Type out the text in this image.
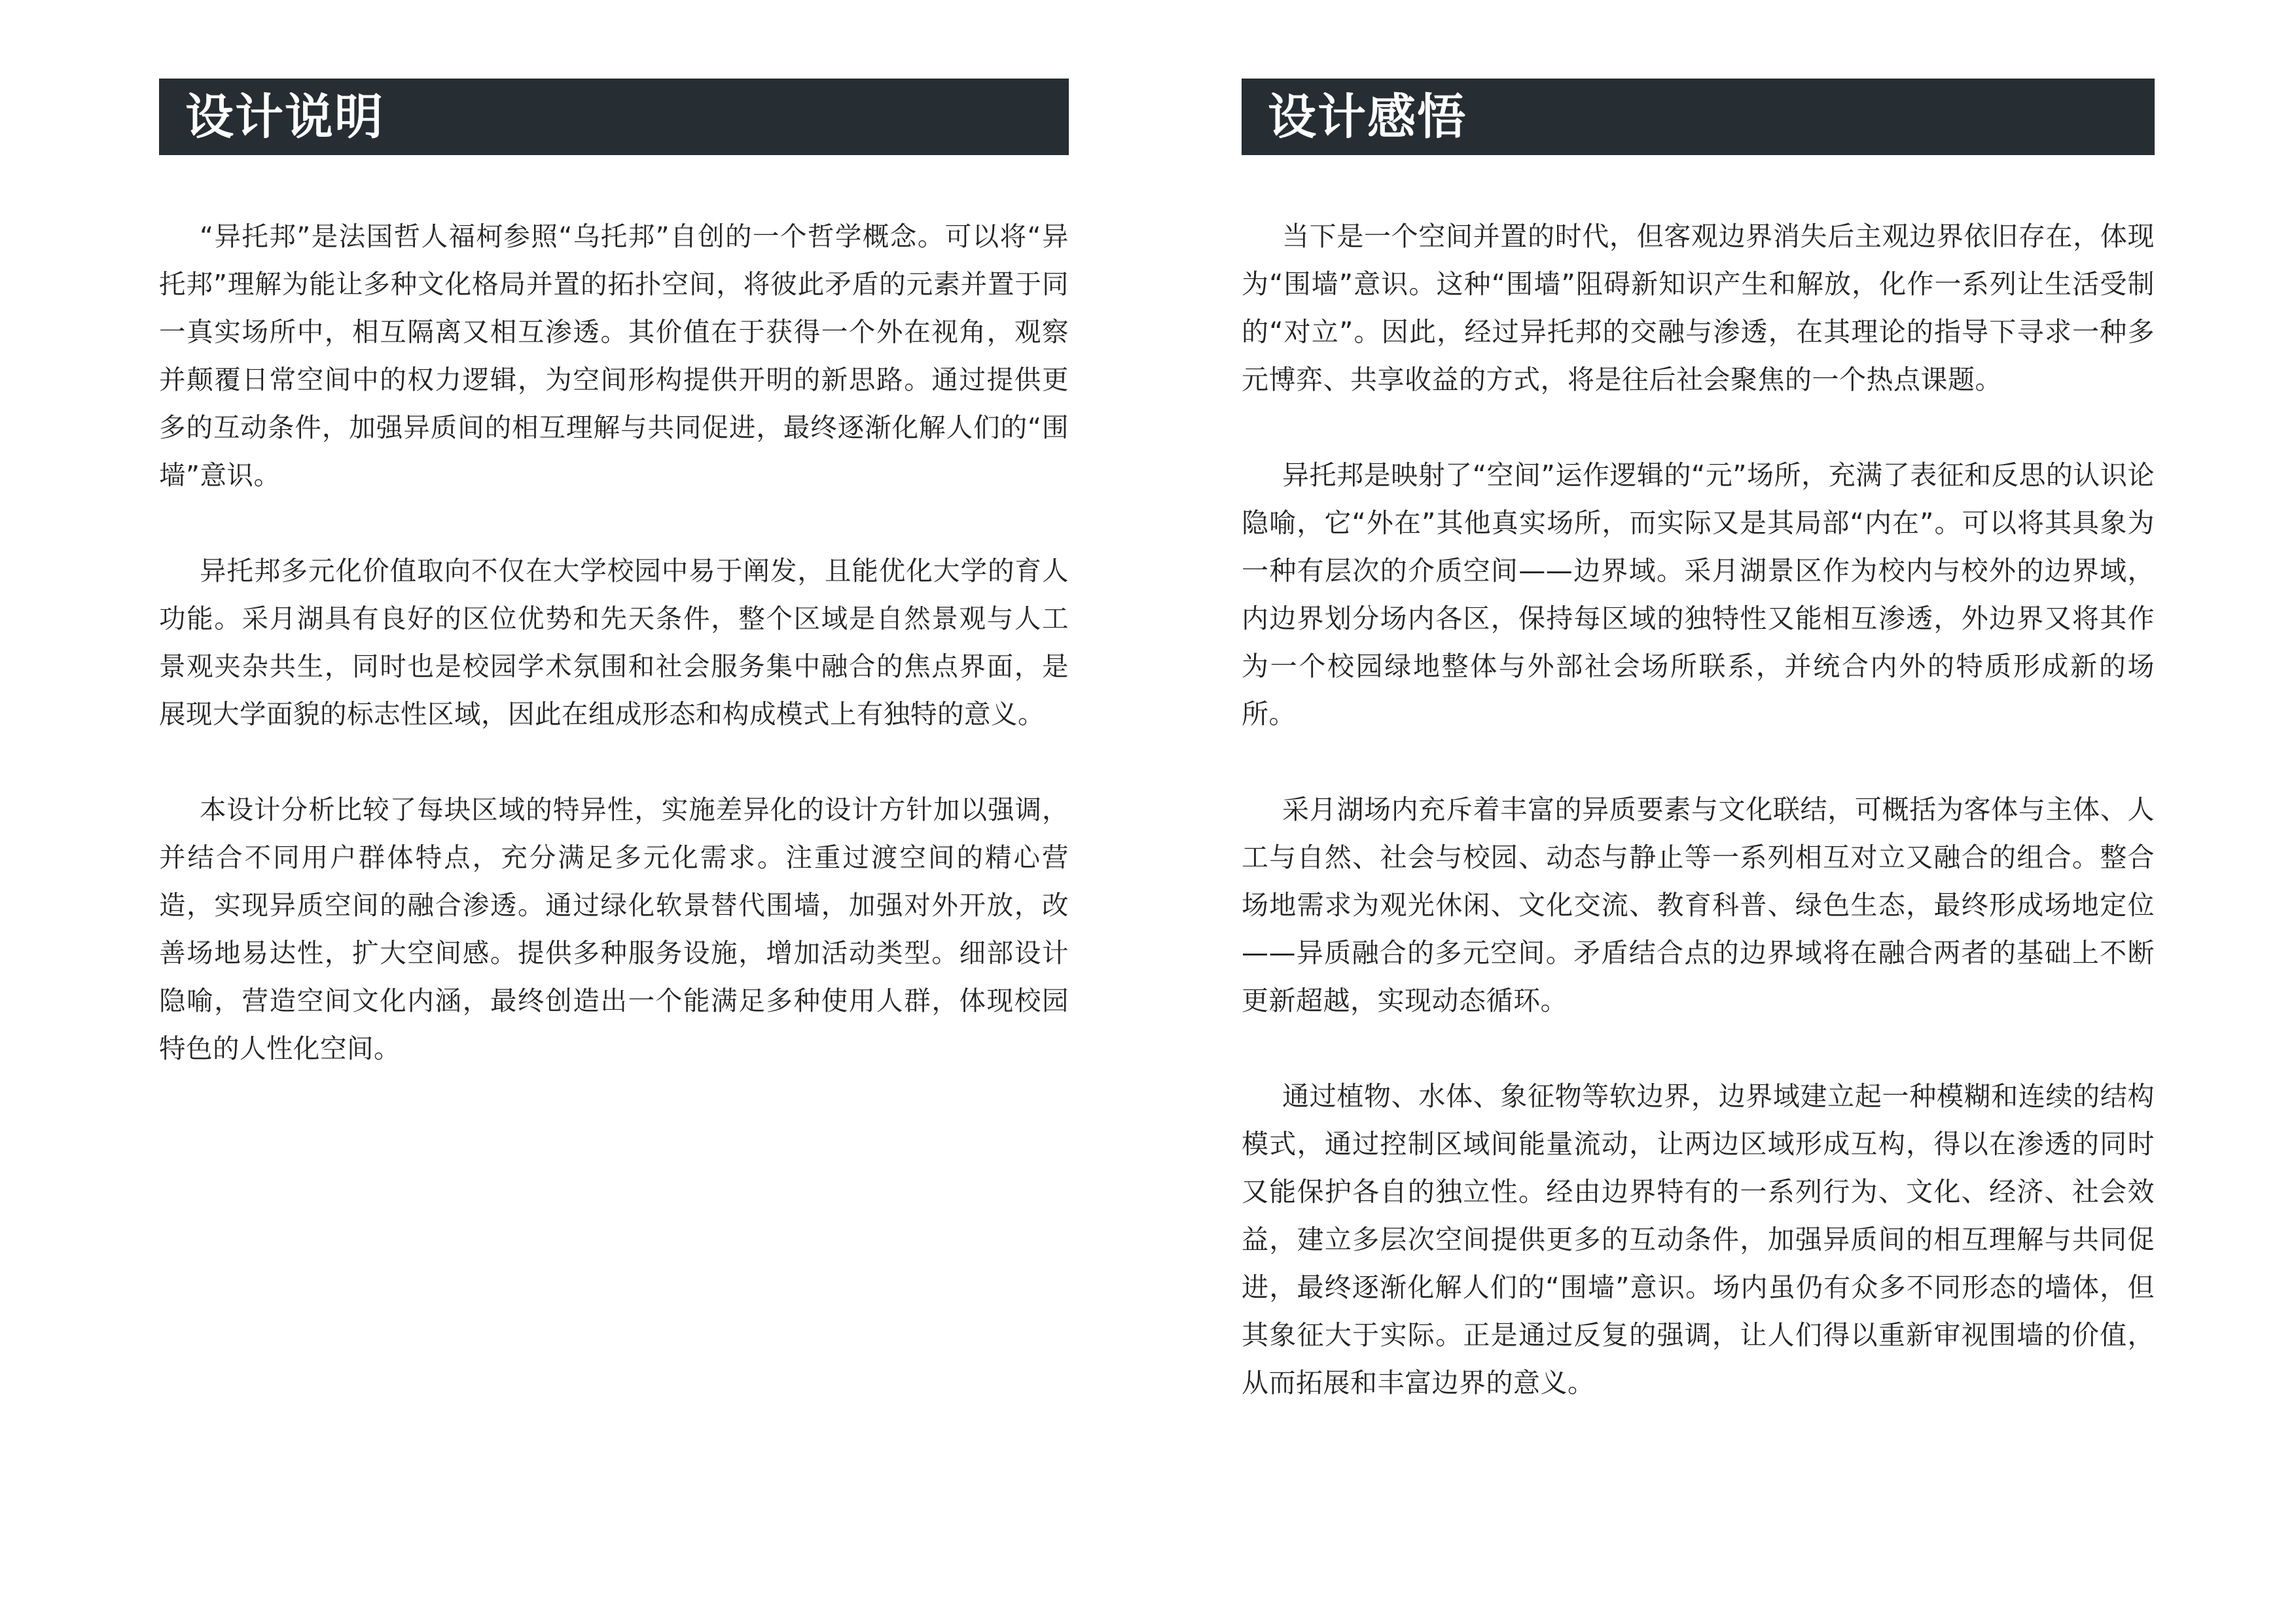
设计说明

“异托邦”是法国哲人福柯参照“乌托邦”自创的一个哲学概念。可以将“异托邦”理解为能让多种文化格局并置的拓扑空间，将彼此矛盾的元素并置于同一真实场所中，相互隔离又相互渗透。其价值在于获得一个外在视角，观察并颠覆日常空间中的权力逻辑，为空间形构提供开明的新思路。通过提供更多的互动条件，加强异质间的相互理解与共同促进，最终逐渐化解人们的“围墙”意识。

异托邦多元化价值取向不仅在大学校园中易于阐发，且能优化大学的育人功能。采月湖具有良好的区位优势和先天条件，整个区域是自然景观与人工景观夹杂共生，同时也是校园学术氛围和社会服务集中融合的焦点界面，是展现大学面貌的标志性区域，因此在组成形态和构成模式上有独特的意义。

本设计分析比较了每块区域的特异性，实施差异化的设计方针加以强调，并结合不同用户群体特点，充分满足多元化需求。注重过渡空间的精心营造，实现异质空间的融合渗透。通过绿化软景替代围墙，加强对外开放，改善场地易达性，扩大空间感。提供多种服务设施，增加活动类型。细部设计隐喻，营造空间文化内涵，最终创造出一个能满足多种使用人群，体现校园特色的人性化空间。

设计感悟

当下是一个空间并置的时代，但客观边界消失后主观边界依旧存在，体现为“围墙”意识。这种“围墙”阻碍新知识产生和解放，化作一系列让生活受制的“对立”。因此，经过异托邦的交融与渗透，在其理论的指导下寻求一种多元博弈、共享收益的方式，将是往后社会聚焦的一个热点课题。

异托邦是映射了“空间”运作逻辑的“元”场所，充满了表征和反思的认识论隐喻，它“外在”其他真实场所，而实际又是其局部“内在”。可以将其具象为一种有层次的介质空间——边界域。采月湖景区作为校内与校外的边界域，内边界划分场内各区，保持每区域的独特性又能相互渗透，外边界又将其作为一个校园绿地整体与外部社会场所联系，并统合内外的特质形成新的场所。

采月湖场内充斥着丰富的异质要素与文化联结，可概括为客体与主体、人工与自然、社会与校园、动态与静止等一系列相互对立又融合的组合。整合场地需求为观光休闲、文化交流、教育科普、绿色生态，最终形成场地定位——异质融合的多元空间。矛盾结合点的边界域将在融合两者的基础上不断更新超越，实现动态循环。

通过植物、水体、象征物等软边界，边界域建立起一种模糊和连续的结构模式，通过控制区域间能量流动，让两边区域形成互构，得以在渗透的同时又能保护各自的独立性。经由边界特有的一系列行为、文化、经济、社会效益，建立多层次空间提供更多的互动条件，加强异质间的相互理解与共同促进，最终逐渐化解人们的“围墙”意识。场内虽仍有众多不同形态的墙体，但其象征大于实际。正是通过反复的强调，让人们得以重新审视围墙的价值，从而拓展和丰富边界的意义。
